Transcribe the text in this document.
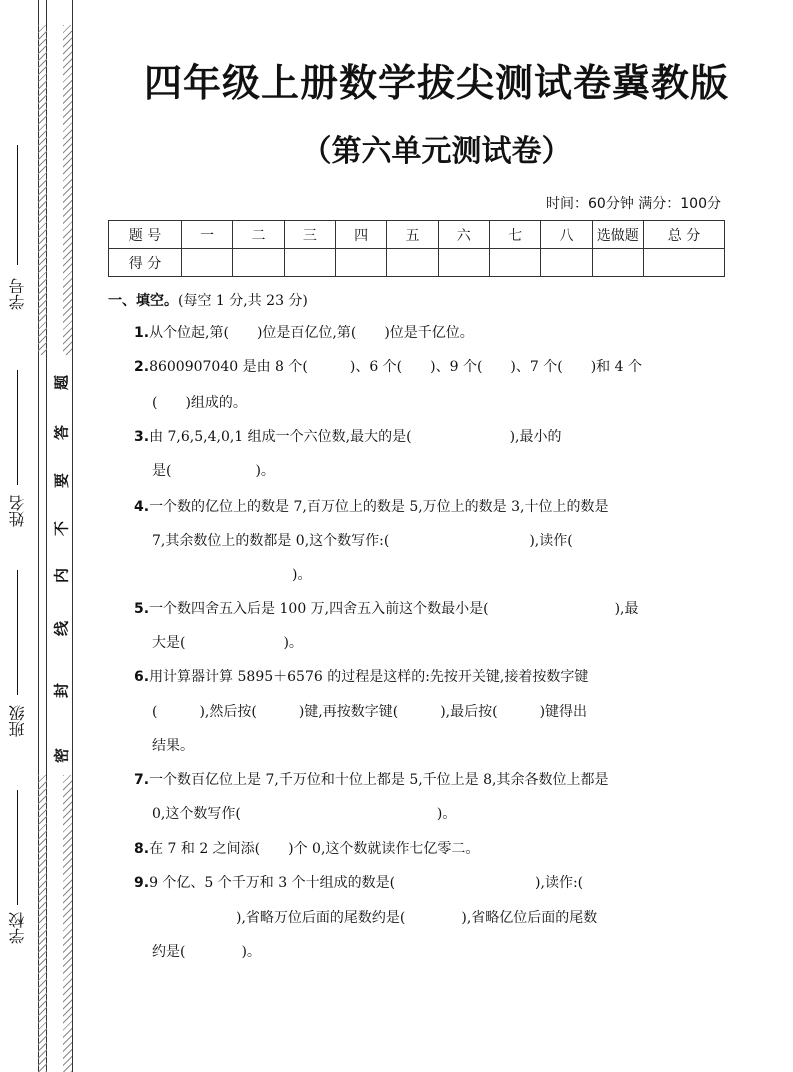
学号
姓名
班级
学校
密
封
线
内
不
要
答
题
四年级上册数学拔尖测试卷冀教版
（第六单元测试卷）
时间：60分钟 满分：100分
题 号	一	二	三	四	五	六	七	八	选做题	总 分
得 分										
一、填空。(每空 1 分,共 23 分)
1.从个位起,第(　　)位是百亿位,第(　　)位是千亿位。
2.8600907040 是由 8 个(　　　)、6 个(　　)、9 个(　　)、7 个(　　)和 4 个
(　　)组成的。
3.由 7,6,5,4,0,1 组成一个六位数,最大的是(　　　　　　　),最小的
是(　　　　　　)。
4.一个数的亿位上的数是 7,百万位上的数是 5,万位上的数是 3,十位上的数是
7,其余数位上的数都是 0,这个数写作:(　　　　　　　　　　),读作(
　　　　　　　　　　)。
5.一个数四舍五入后是 100 万,四舍五入前这个数最小是(　　　　　　　　　),最
大是(　　　　　　　)。
6.用计算器计算 5895＋6576 的过程是这样的:先按开关键,接着按数字键
(　　　),然后按(　　　)键,再按数字键(　　　),最后按(　　　)键得出
结果。
7.一个数百亿位上是 7,千万位和十位上都是 5,千位上是 8,其余各数位上都是
0,这个数写作(　　　　　　　　　　　　　　)。
8.在 7 和 2 之间添(　　)个 0,这个数就读作七亿零二。
9.9 个亿、5 个千万和 3 个十组成的数是(　　　　　　　　　　),读作:(
　　　　　　),省略万位后面的尾数约是(　　　　),省略亿位后面的尾数
约是(　　　　)。
